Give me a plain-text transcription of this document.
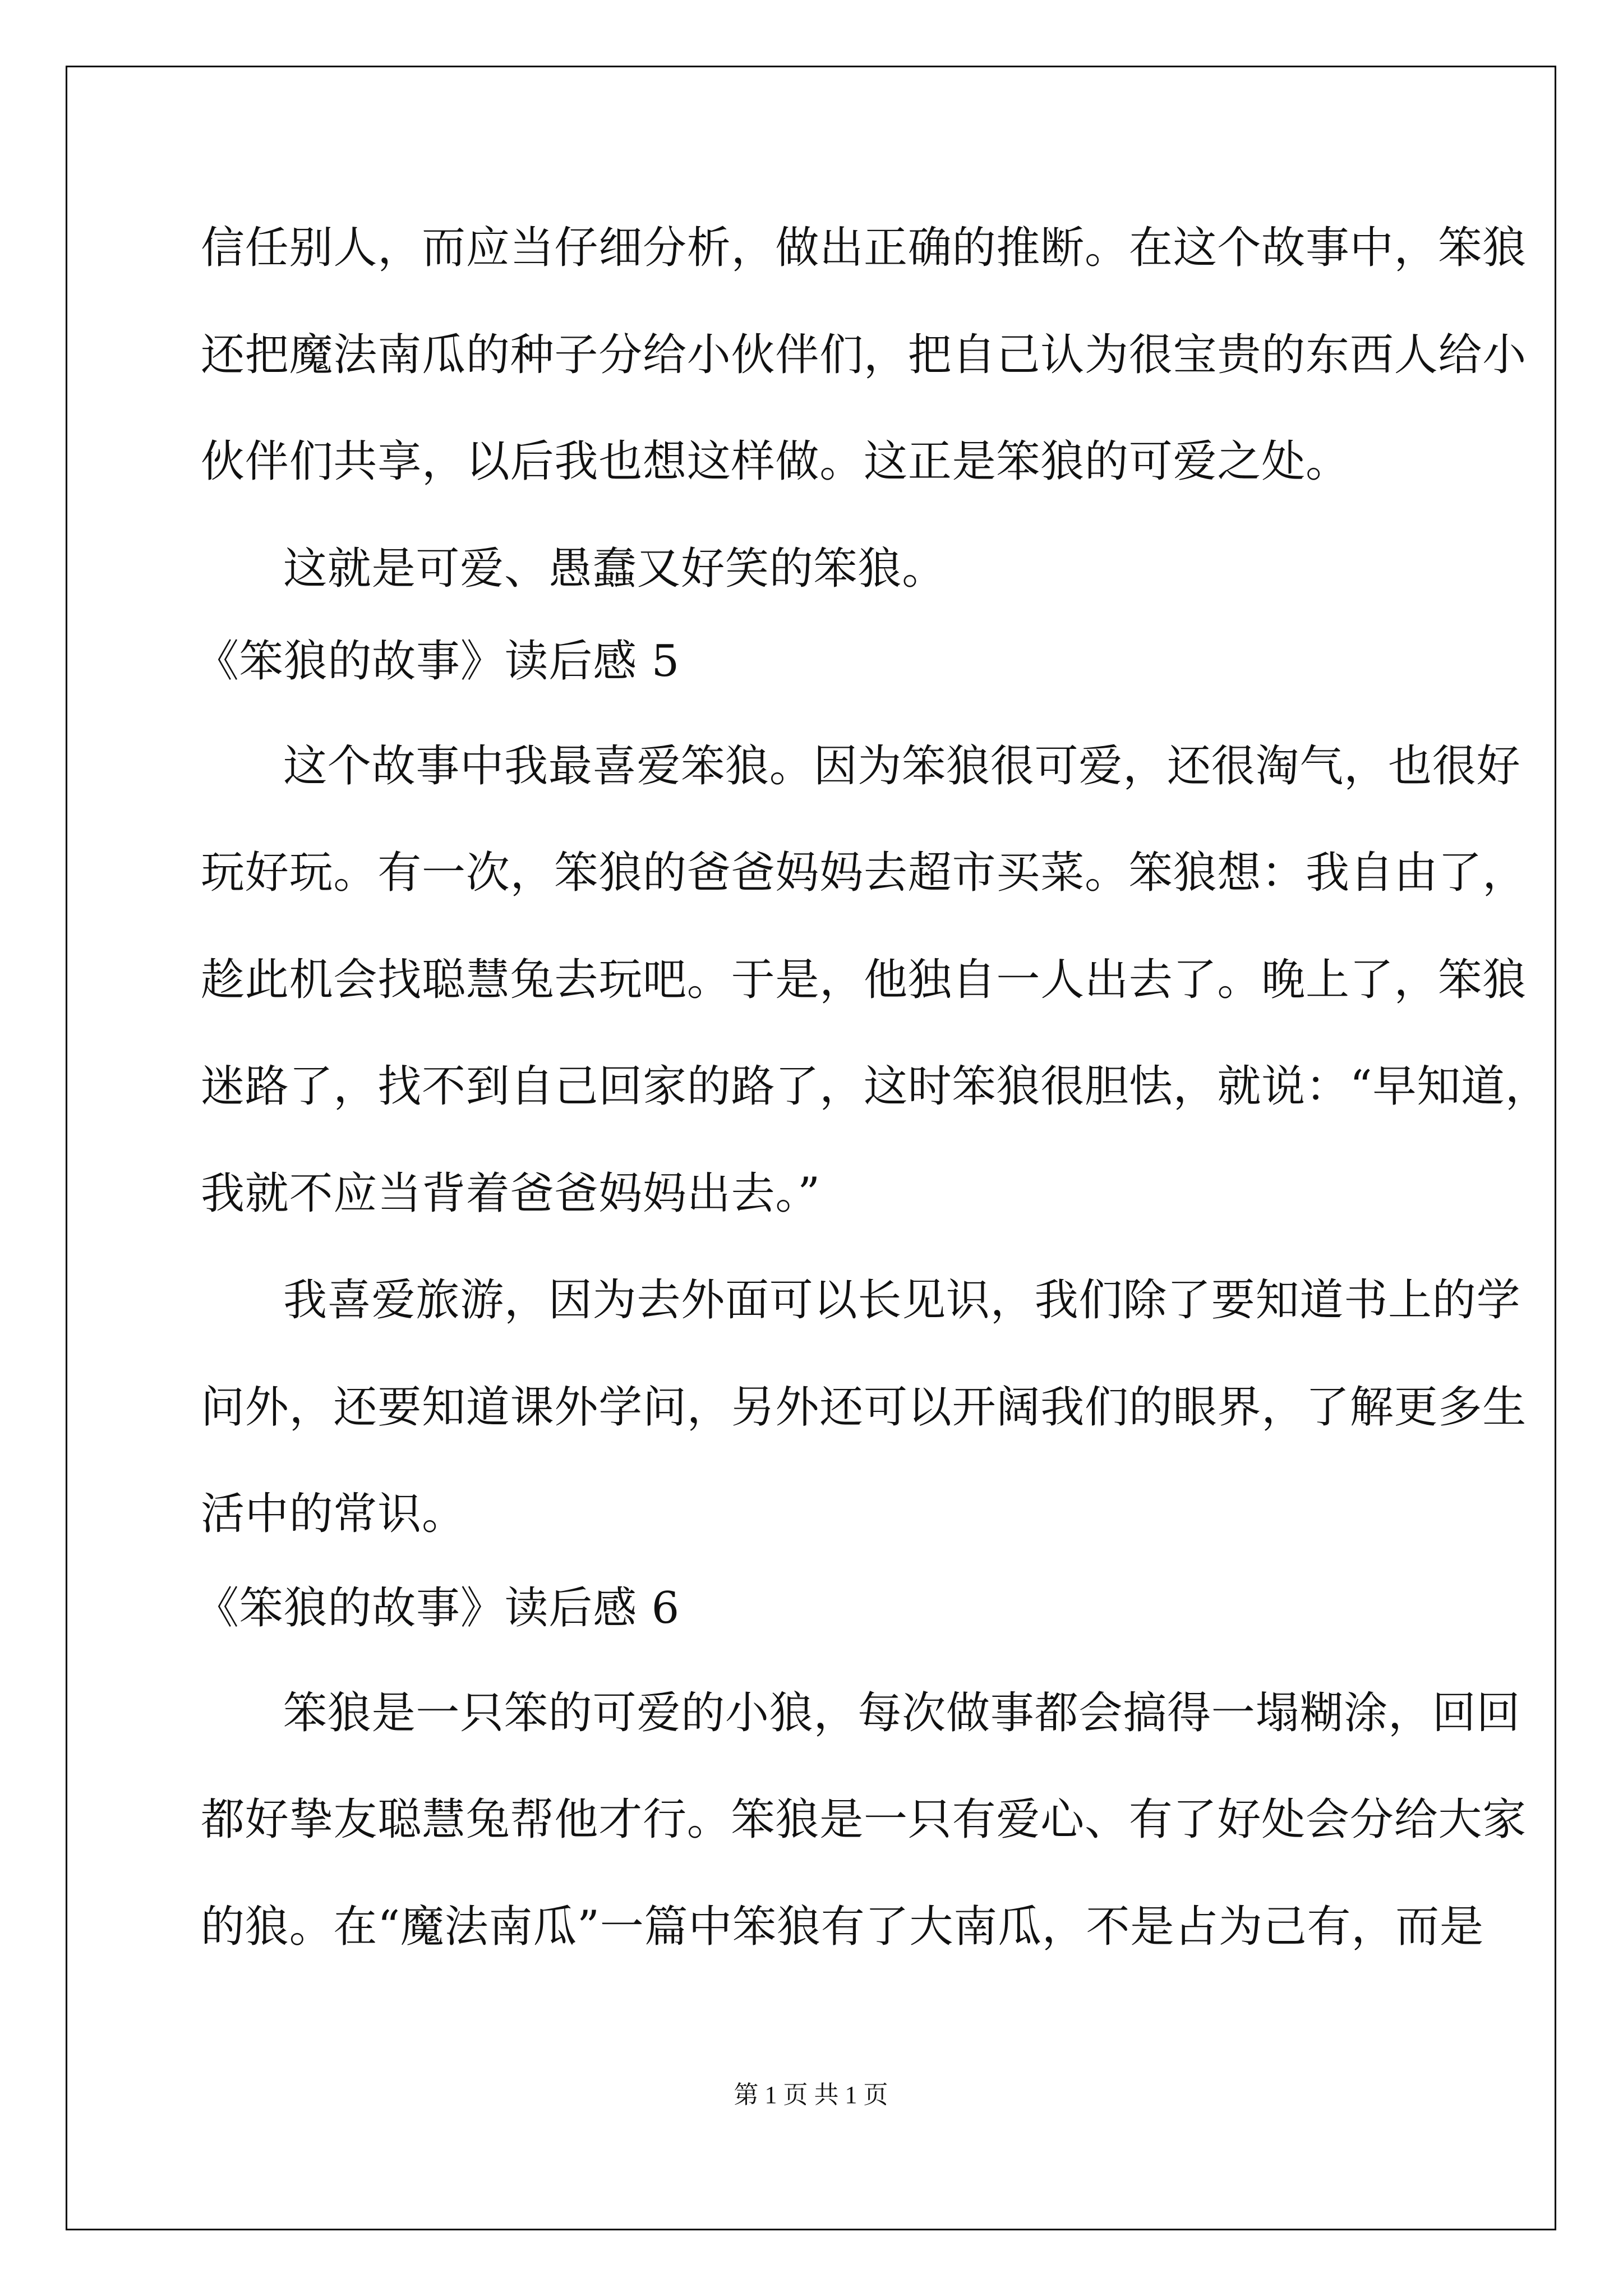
信任别人，而应当仔细分析，做出正确的推断。在这个故事中，笨狼

还把魔法南瓜的种子分给小伙伴们，把自己认为很宝贵的东西人给小

伙伴们共享，以后我也想这样做。这正是笨狼的可爱之处。

这就是可爱、愚蠢又好笑的笨狼。

《笨狼的故事》读后感 5

这个故事中我最喜爱笨狼。因为笨狼很可爱，还很淘气，也很好

玩好玩。有一次，笨狼的爸爸妈妈去超市买菜。笨狼想：我自由了，

趁此机会找聪慧兔去玩吧。于是，他独自一人出去了。晚上了，笨狼

迷路了，找不到自己回家的路了，这时笨狼很胆怯，就说：“早知道，

我就不应当背着爸爸妈妈出去。”

我喜爱旅游，因为去外面可以长见识，我们除了要知道书上的学

问外，还要知道课外学问，另外还可以开阔我们的眼界，了解更多生

活中的常识。

《笨狼的故事》读后感 6

笨狼是一只笨的可爱的小狼，每次做事都会搞得一塌糊涂，回回

都好挚友聪慧兔帮他才行。笨狼是一只有爱心、有了好处会分给大家

的狼。在“魔法南瓜”一篇中笨狼有了大南瓜，不是占为己有，而是

第 1 页 共 1 页
